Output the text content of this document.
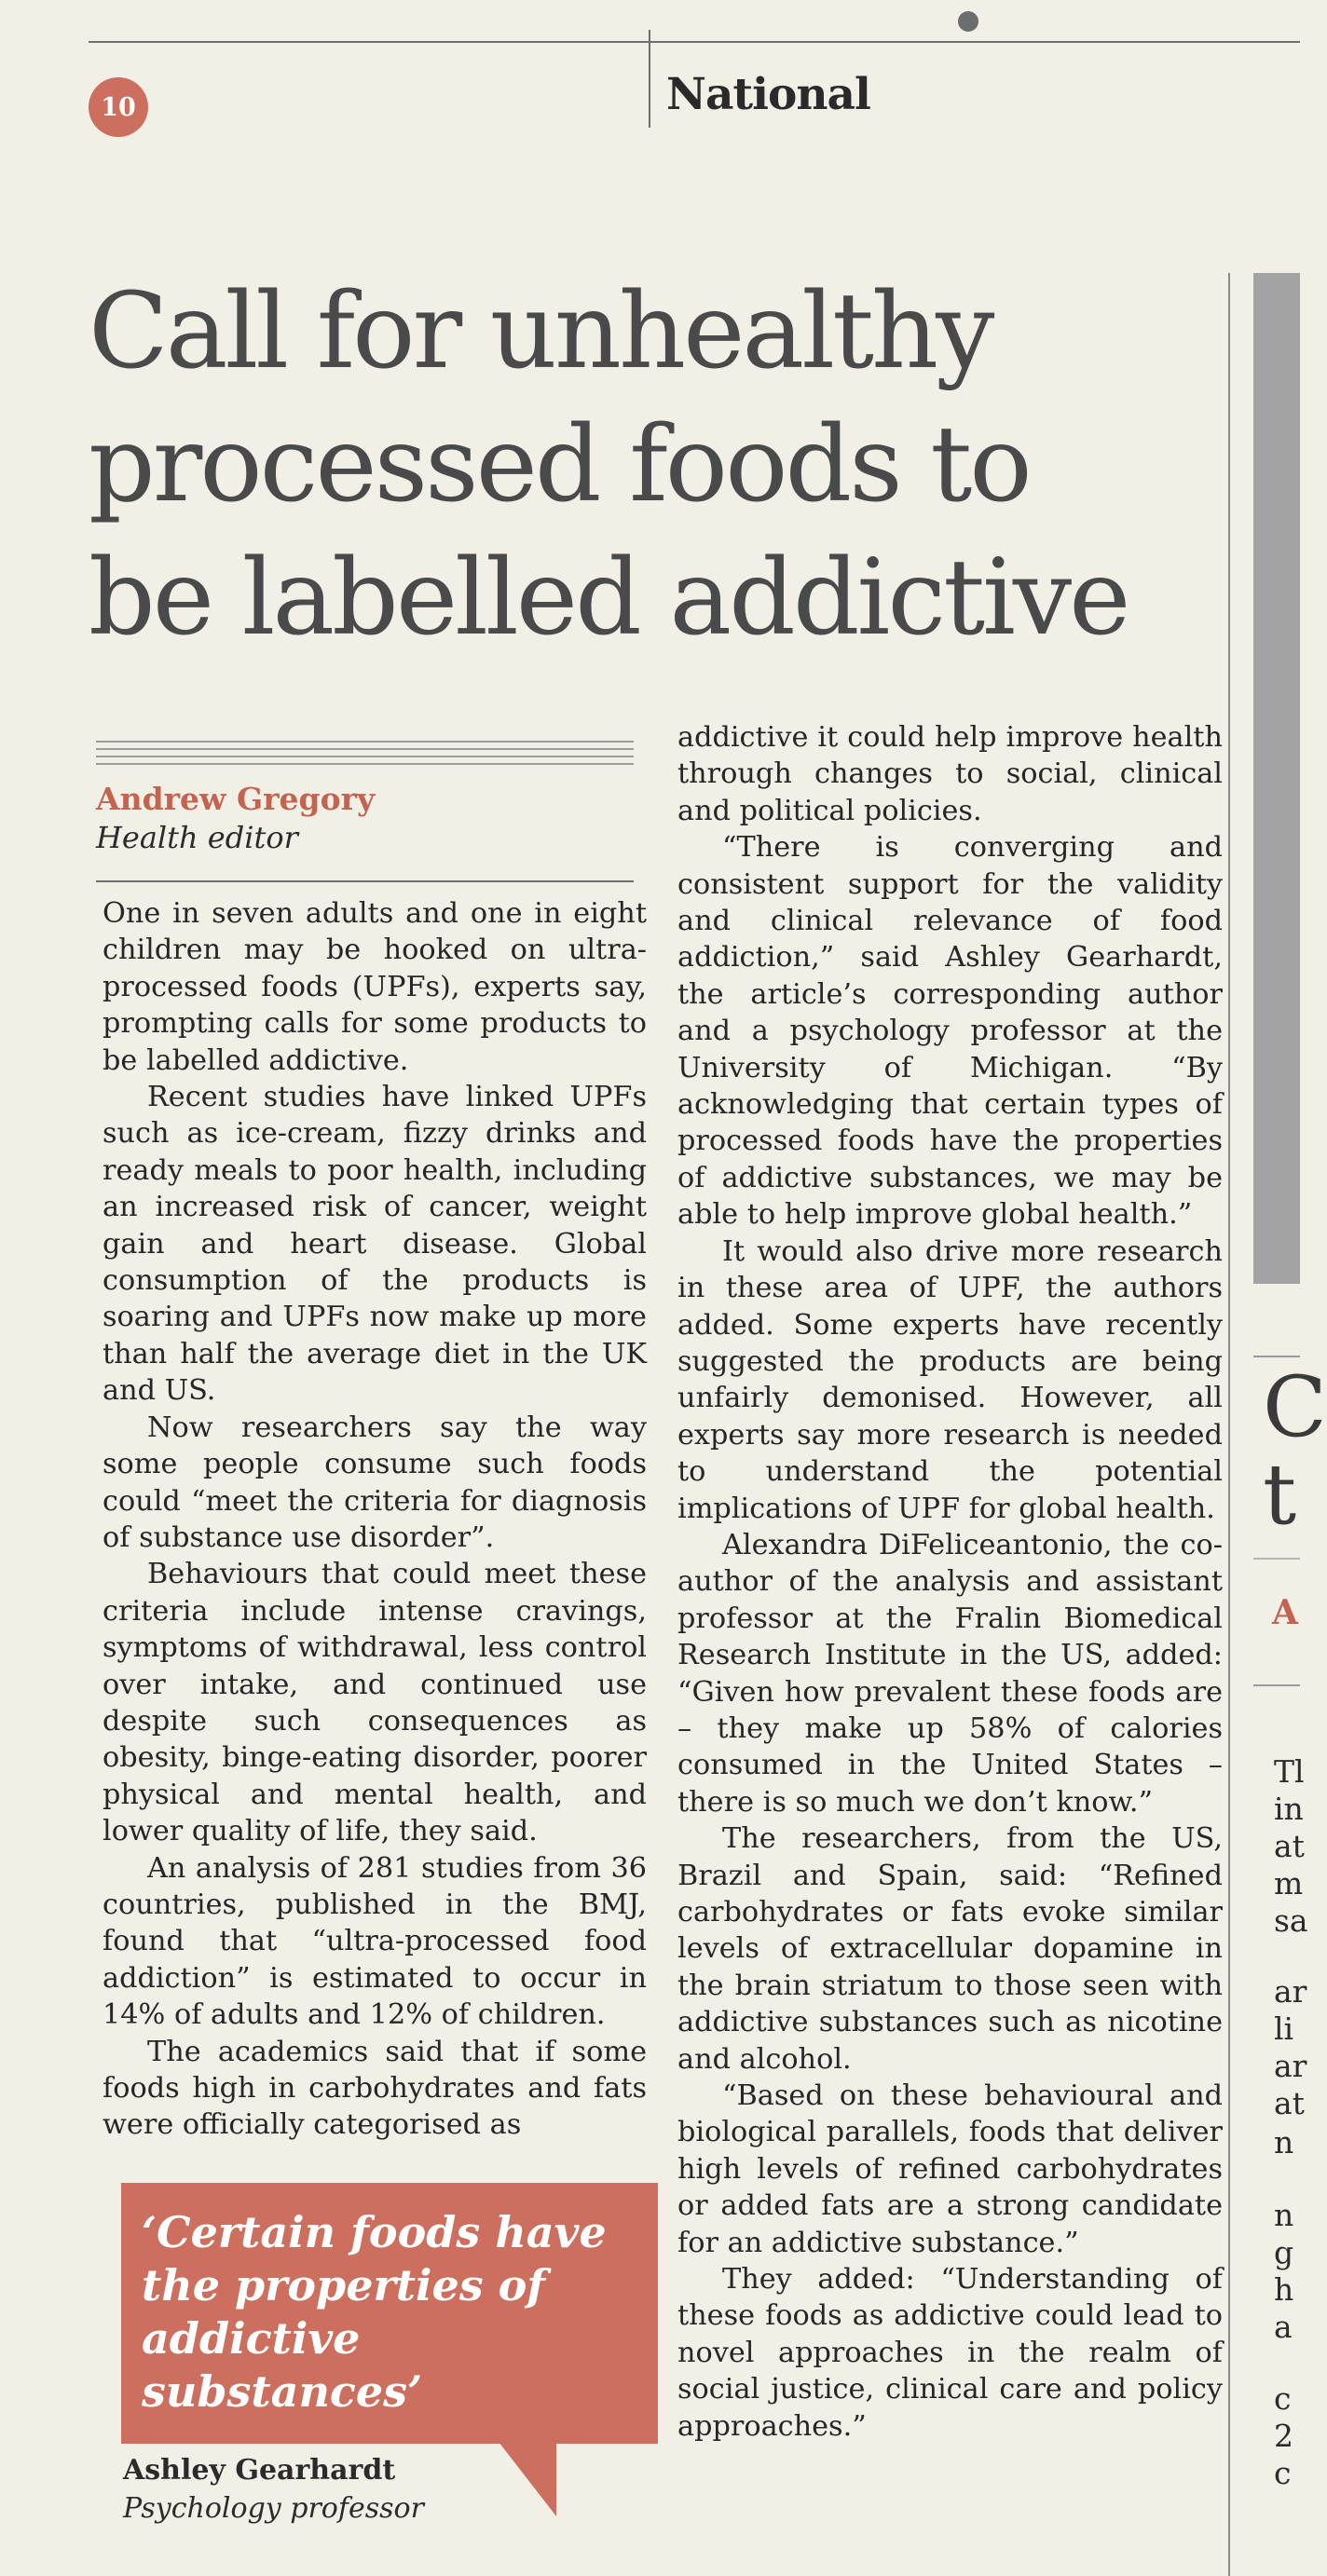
10	National
Call for unhealthy
processed foods to
be labelled addictive
C
t
A
Tl
in
at
m
sa
ar
li
ar
at
n
n
g
h
a
c
2
c
Andrew Gregory
Health editor

One in seven adults and one in eight children may be hooked on ultra-processed foods (UPFs), experts say, prompting calls for some products to be labelled addictive.

Recent studies have linked UPFs such as ice-cream, fizzy drinks and ready meals to poor health, including an increased risk of cancer, weight gain and heart disease. Global consumption of the products is soaring and UPFs now make up more than half the average diet in the UK and US.

Now researchers say the way some people consume such foods could “meet the criteria for diagnosis of substance use disorder”.

Behaviours that could meet these criteria include intense cravings, symptoms of withdrawal, less control over intake, and continued use despite such consequences as obesity, binge-eating disorder, poorer physical and mental health, and lower quality of life, they said.

An analysis of 281 studies from 36 countries, published in the BMJ, found that “ultra-processed food addiction” is estimated to occur in 14% of adults and 12% of children.

The academics said that if some foods high in carbohydrates and fats were officially categorised as

addictive it could help improve health through changes to social, clinical and political policies.

“There is converging and consistent support for the validity and clinical relevance of food addiction,” said Ashley Gearhardt, the article’s corresponding author and a psychology professor at the University of Michigan. “By acknowledging that certain types of processed foods have the properties of addictive substances, we may be able to help improve global health.”

It would also drive more research in these area of UPF, the authors added. Some experts have recently suggested the products are being unfairly demonised. However, all experts say more research is needed to understand the potential implications of UPF for global health.

Alexandra DiFeliceantonio, the co-author of the analysis and assistant professor at the Fralin Biomedical Research Institute in the US, added: “Given how prevalent these foods are – they make up 58% of calories consumed in the United States – there is so much we don’t know.”

The researchers, from the US, Brazil and Spain, said: “Refined carbohydrates or fats evoke similar levels of extracellular dopamine in the brain striatum to those seen with addictive substances such as nicotine and alcohol.

“Based on these behavioural and biological parallels, foods that deliver high levels of refined carbohydrates or added fats are a strong candidate for an addictive substance.”

They added: “Understanding of these foods as addictive could lead to novel approaches in the realm of social justice, clinical care and policy approaches.”

‘Certain foods have the properties of addictive substances’
Ashley Gearhardt
Psychology professor
